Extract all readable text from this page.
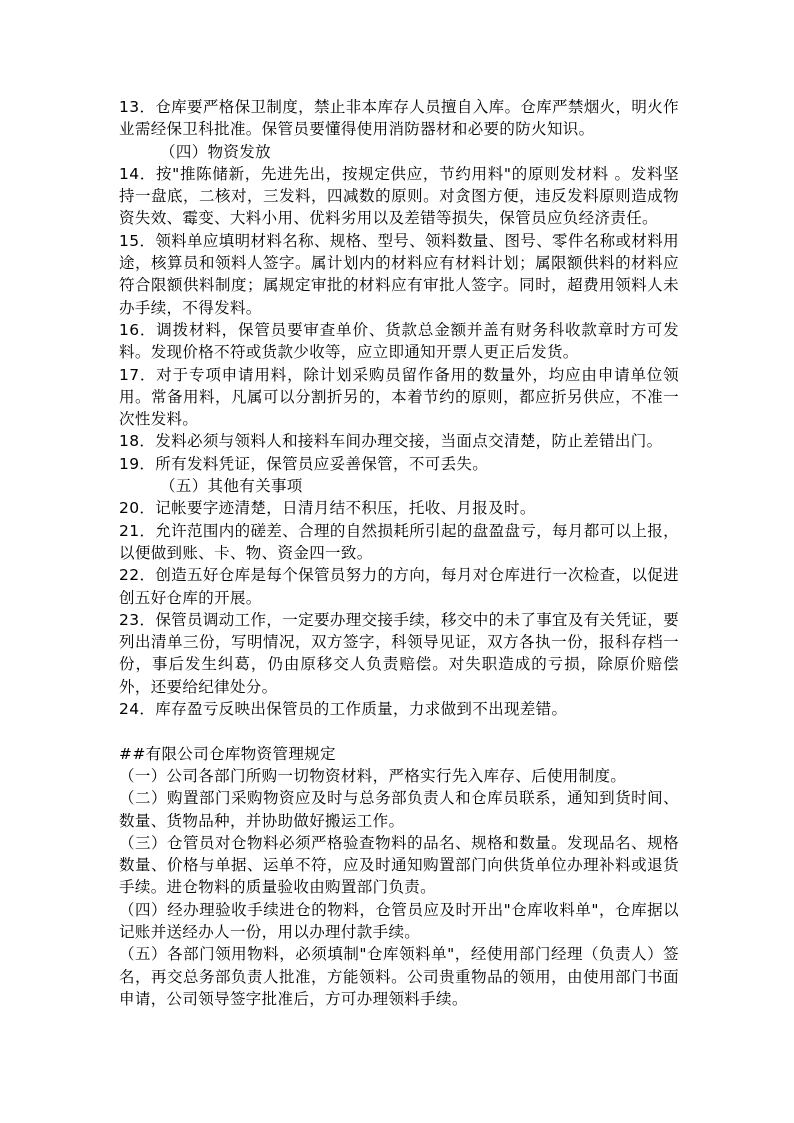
13．仓库要严格保卫制度，禁止非本库存人员擅自入库。仓库严禁烟火，明火作业需经保卫科批准。保管员要懂得使用消防器材和必要的防火知识。

（四）物资发放

14．按"推陈储新，先进先出，按规定供应，节约用料"的原则发材料 。发料坚持一盘底，二核对，三发料，四减数的原则。对贪图方便，违反发料原则造成物资失效、霉变、大料小用、优料劣用以及差错等损失，保管员应负经济责任。

15．领料单应填明材料名称、规格、型号、领料数量、图号、零件名称或材料用途，核算员和领料人签字。属计划内的材料应有材料计划；属限额供料的材料应符合限额供料制度；属规定审批的材料应有审批人签字。同时，超费用领料人未办手续，不得发料。

16．调拨材料，保管员要审查单价、货款总金额并盖有财务科收款章时方可发料。发现价格不符或货款少收等，应立即通知开票人更正后发货。

17．对于专项申请用料，除计划采购员留作备用的数量外，均应由申请单位领用。常备用料，凡属可以分割折另的，本着节约的原则，都应折另供应，不准一次性发料。

18．发料必须与领料人和接料车间办理交接，当面点交清楚，防止差错出门。

19．所有发料凭证，保管员应妥善保管，不可丢失。

（五）其他有关事项

20．记帐要字迹清楚，日清月结不积压，托收、月报及时。

21．允许范围内的磋差、合理的自然损耗所引起的盘盈盘亏，每月都可以上报，以便做到账、卡、物、资金四一致。

22．创造五好仓库是每个保管员努力的方向，每月对仓库进行一次检查，以促进创五好仓库的开展。

23．保管员调动工作，一定要办理交接手续，移交中的未了事宜及有关凭证，要列出清单三份，写明情况，双方签字，科领导见证，双方各执一份，报科存档一份，事后发生纠葛，仍由原移交人负责赔偿。对失职造成的亏损，除原价赔偿外，还要给纪律处分。

24．库存盈亏反映出保管员的工作质量，力求做到不出现差错。

##有限公司仓库物资管理规定

（一）公司各部门所购一切物资材料，严格实行先入库存、后使用制度。

（二）购置部门采购物资应及时与总务部负责人和仓库员联系，通知到货时间、数量、货物品种，并协助做好搬运工作。

（三）仓管员对仓物料必须严格验查物料的品名、规格和数量。发现品名、规格数量、价格与单据、运单不符，应及时通知购置部门向供货单位办理补料或退货手续。进仓物料的质量验收由购置部门负责。

（四）经办理验收手续进仓的物料，仓管员应及时开出"仓库收料单"，仓库据以记账并送经办人一份，用以办理付款手续。

（五）各部门领用物料，必须填制"仓库领料单"，经使用部门经理（负责人）签名，再交总务部负责人批准，方能领料。公司贵重物品的领用，由使用部门书面申请，公司领导签字批准后，方可办理领料手续。
